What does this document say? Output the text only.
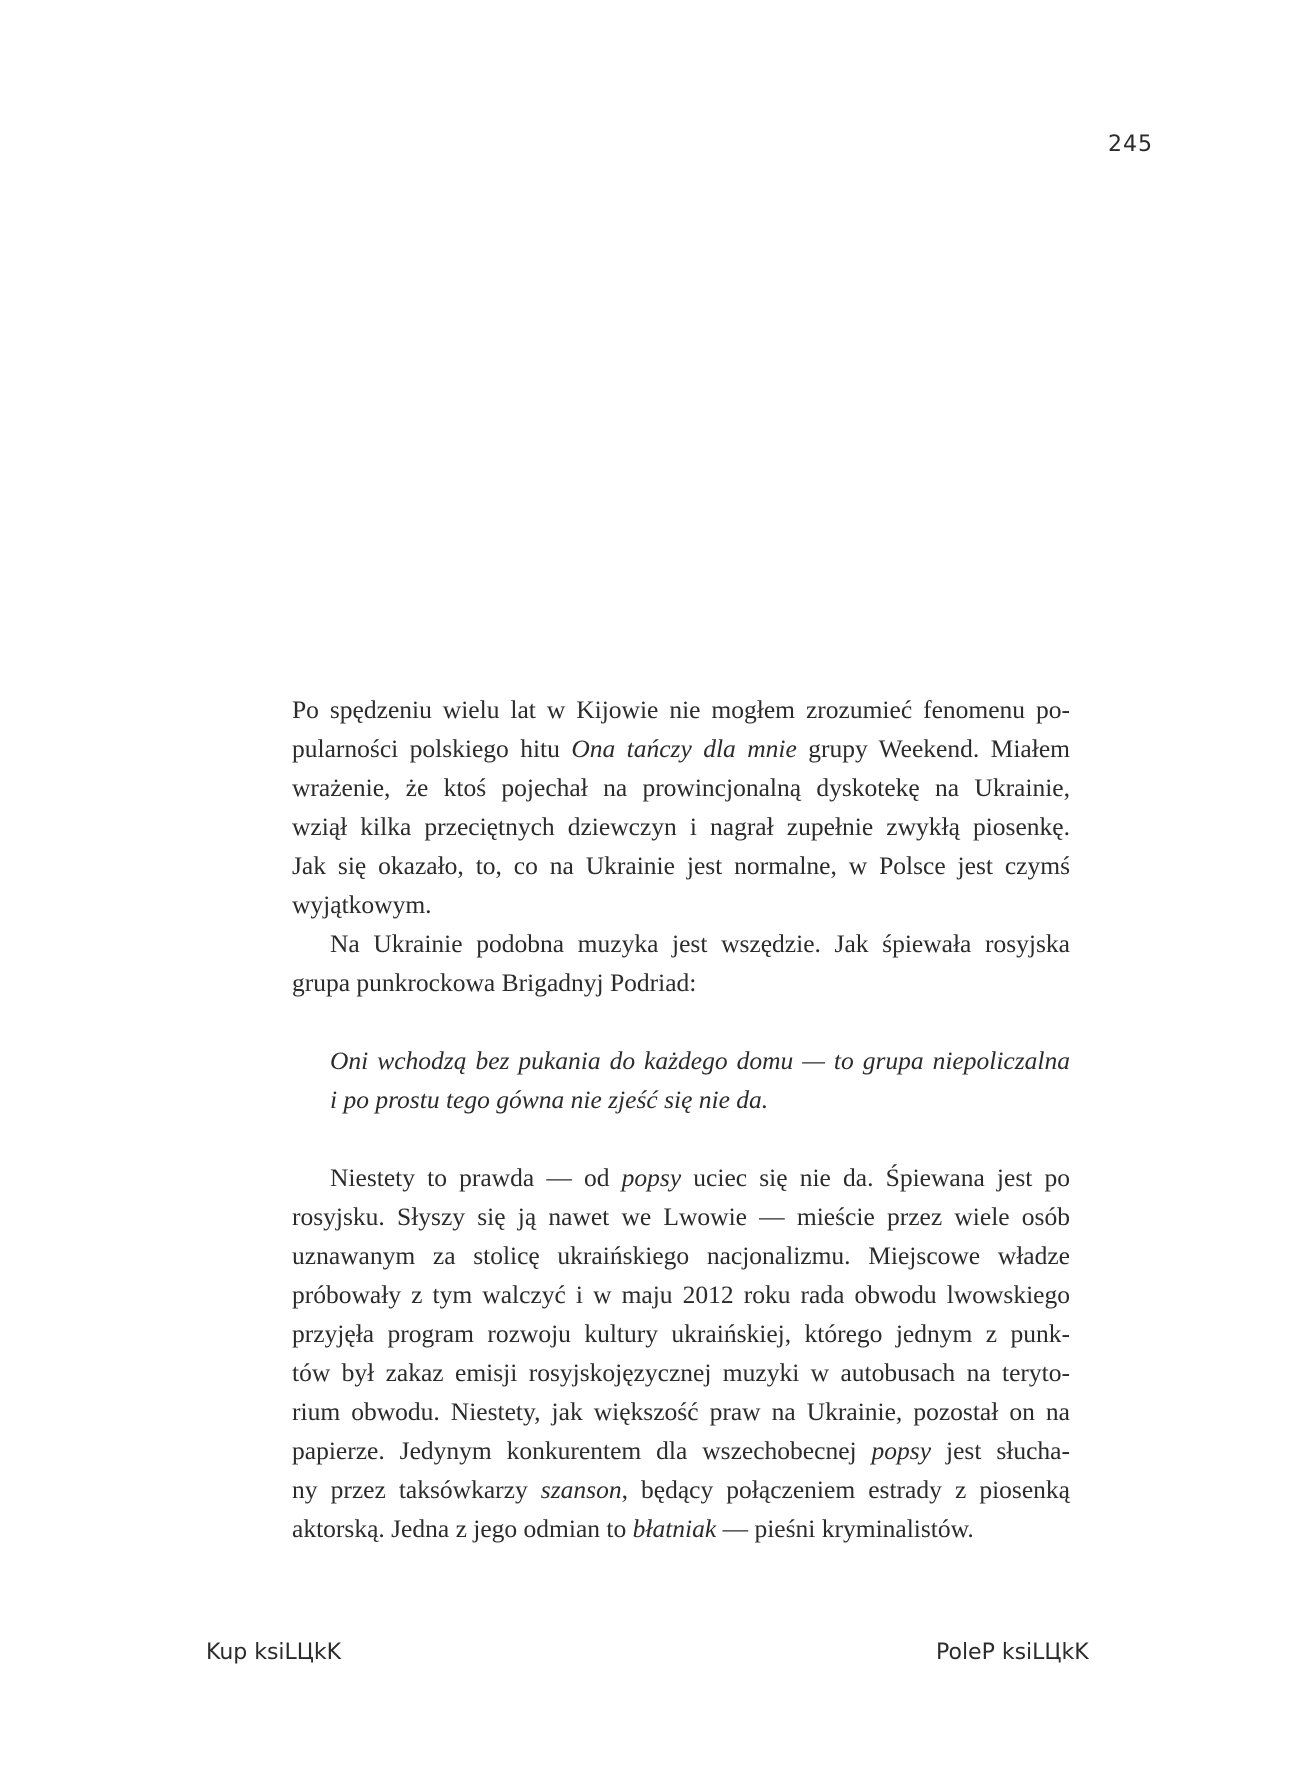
245

Po spędzeniu wielu lat w Kijowie nie mogłem zrozumieć fenomenu po-
pularności polskiego hitu Ona tańczy dla mnie grupy Weekend. Miałem
wrażenie, że ktoś pojechał na prowincjonalną dyskotekę na Ukrainie,
wziął kilka przeciętnych dziewczyn i nagrał zupełnie zwykłą piosenkę.
Jak się okazało, to, co na Ukrainie jest normalne, w Polsce jest czymś
wyjątkowym.

Na Ukrainie podobna muzyka jest wszędzie. Jak śpiewała rosyjska
grupa punkrockowa Brigadnyj Podriad:

Oni wchodzą bez pukania do każdego domu — to grupa niepoliczalna
i po prostu tego gówna nie zjeść się nie da.

Niestety to prawda — od popsy uciec się nie da. Śpiewana jest po
rosyjsku. Słyszy się ją nawet we Lwowie — mieście przez wiele osób
uznawanym za stolicę ukraińskiego nacjonalizmu. Miejscowe władze
próbowały z tym walczyć i w maju 2012 roku rada obwodu lwowskiego
przyjęła program rozwoju kultury ukraińskiej, którego jednym z punk-
tów był zakaz emisji rosyjskojęzycznej muzyki w autobusach na teryto-
rium obwodu. Niestety, jak większość praw na Ukrainie, pozostał on na
papierze. Jedynym konkurentem dla wszechobecnej popsy jest słucha-
ny przez taksówkarzy szanson, będący połączeniem estrady z piosenką
aktorską. Jedna z jego odmian to błatniak — pieśni kryminalistów.

Kup ksiLЦkK	PoleP ksiLЦkK
